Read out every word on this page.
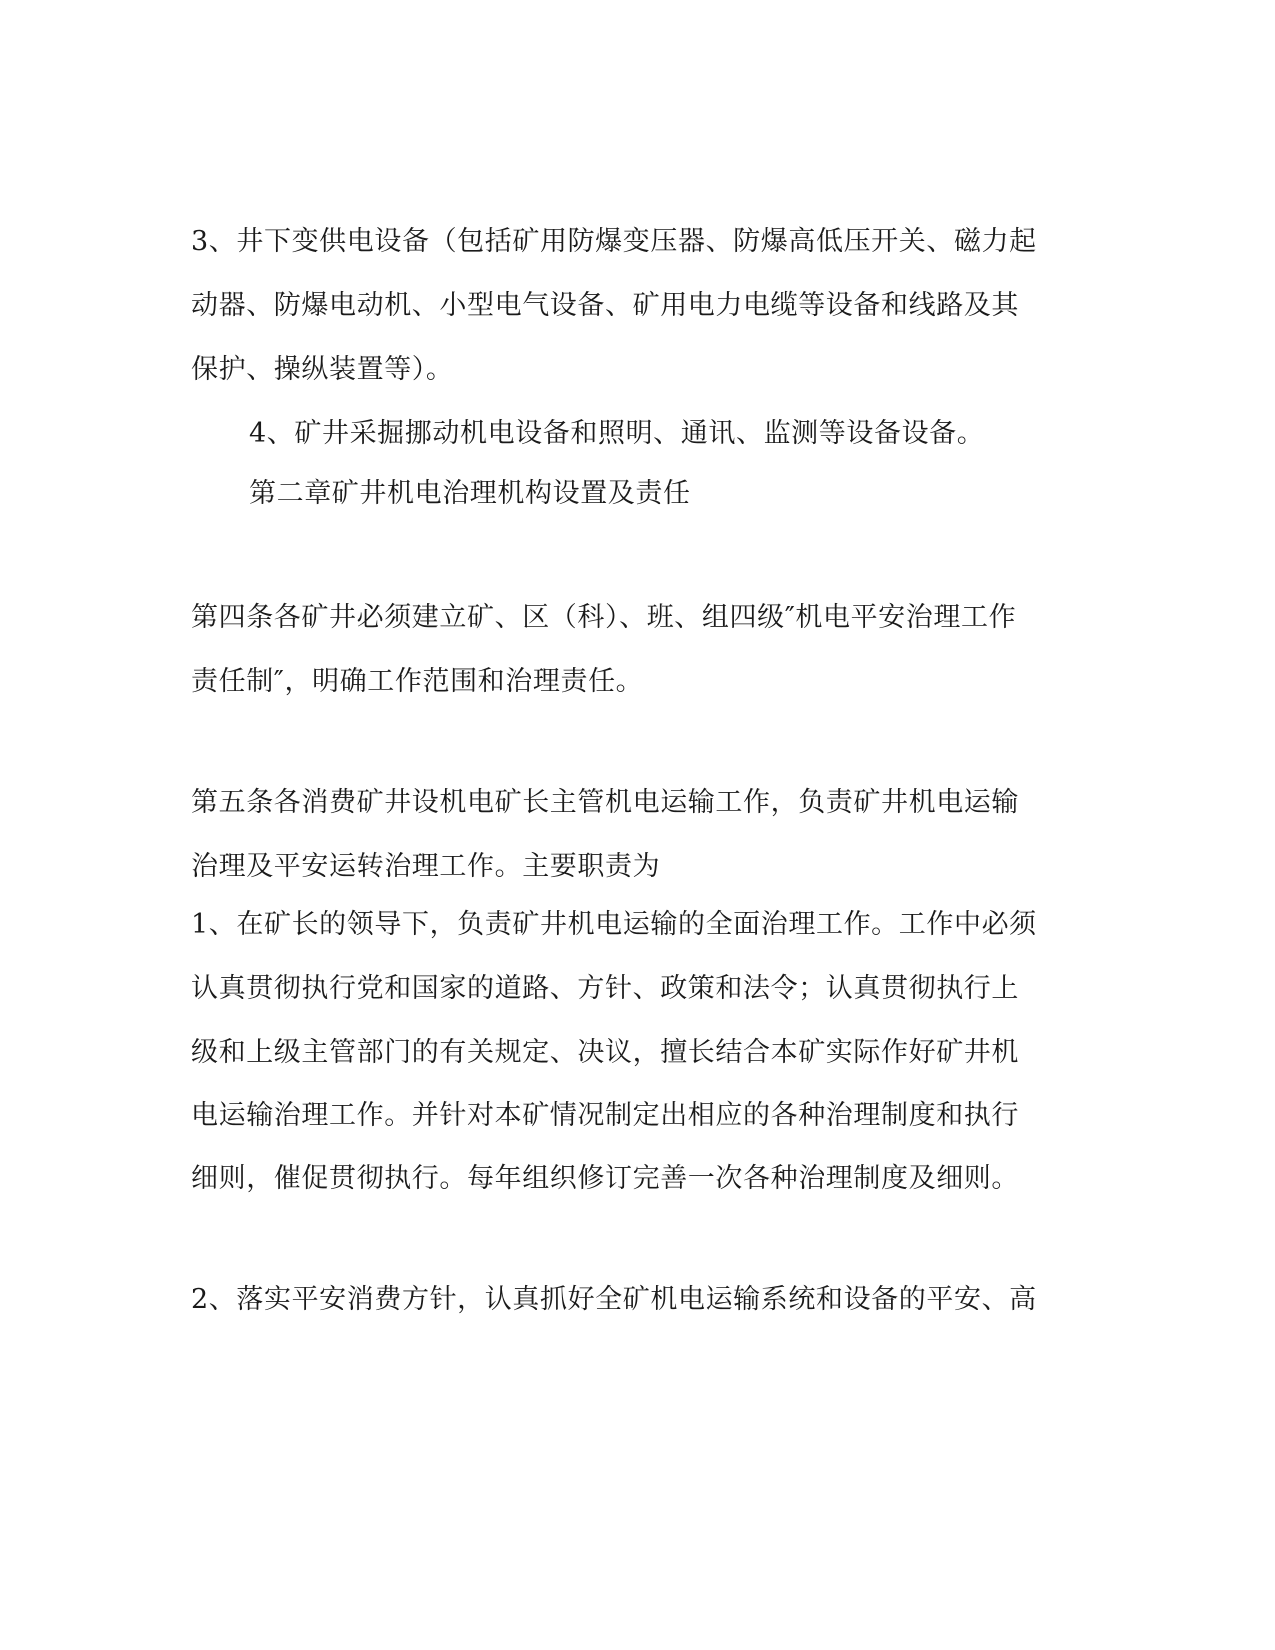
3、井下变供电设备（包括矿用防爆变压器、防爆高低压开关、磁力起
动器、防爆电动机、小型电气设备、矿用电力电缆等设备和线路及其
保护、操纵装置等）。
4、矿井采掘挪动机电设备和照明、通讯、监测等设备设备。
第二章矿井机电治理机构设置及责任
第四条各矿井必须建立矿、区（科）、班、组四级″机电平安治理工作
责任制″，明确工作范围和治理责任。
第五条各消费矿井设机电矿长主管机电运输工作，负责矿井机电运输
治理及平安运转治理工作。主要职责为
1、在矿长的领导下，负责矿井机电运输的全面治理工作。工作中必须
认真贯彻执行党和国家的道路、方针、政策和法令；认真贯彻执行上
级和上级主管部门的有关规定、决议，擅长结合本矿实际作好矿井机
电运输治理工作。并针对本矿情况制定出相应的各种治理制度和执行
细则，催促贯彻执行。每年组织修订完善一次各种治理制度及细则。
2、落实平安消费方针，认真抓好全矿机电运输系统和设备的平安、高
